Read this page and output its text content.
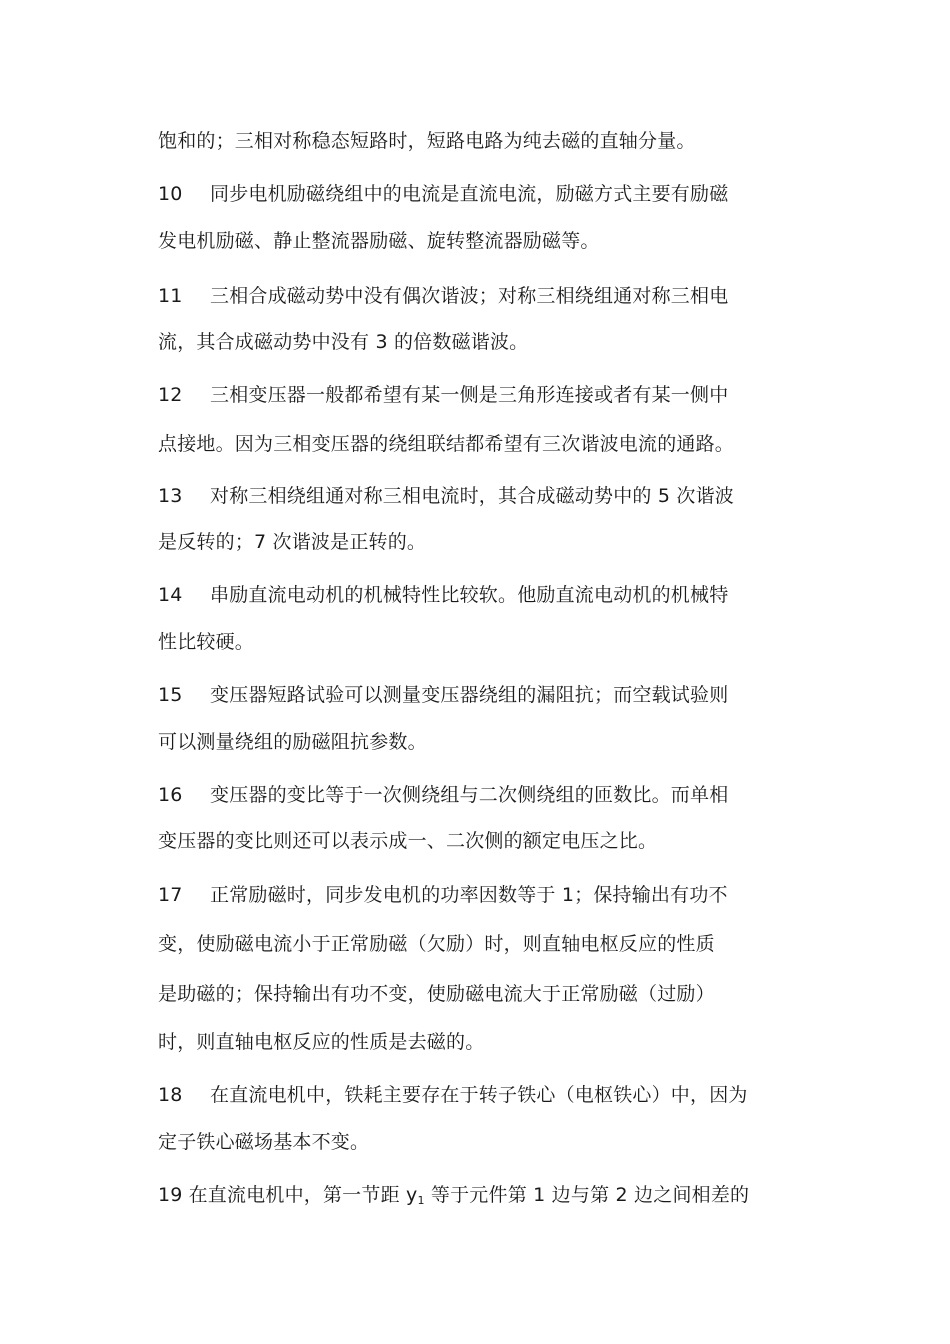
饱和的；三相对称稳态短路时，短路电路为纯去磁的直轴分量。
10 同步电机励磁绕组中的电流是直流电流，励磁方式主要有励磁
发电机励磁、静止整流器励磁、旋转整流器励磁等。
11 三相合成磁动势中没有偶次谐波；对称三相绕组通对称三相电
流，其合成磁动势中没有 3 的倍数磁谐波。
12 三相变压器一般都希望有某一侧是三角形连接或者有某一侧中
点接地。因为三相变压器的绕组联结都希望有三次谐波电流的通路。
13 对称三相绕组通对称三相电流时，其合成磁动势中的 5 次谐波
是反转的；7 次谐波是正转的。
14 串励直流电动机的机械特性比较软。他励直流电动机的机械特
性比较硬。
15 变压器短路试验可以测量变压器绕组的漏阻抗；而空载试验则
可以测量绕组的励磁阻抗参数。
16 变压器的变比等于一次侧绕组与二次侧绕组的匝数比。而单相
变压器的变比则还可以表示成一、二次侧的额定电压之比。
17 正常励磁时，同步发电机的功率因数等于 1；保持输出有功不
变，使励磁电流小于正常励磁（欠励）时，则直轴电枢反应的性质
是助磁的；保持输出有功不变，使励磁电流大于正常励磁（过励）
时，则直轴电枢反应的性质是去磁的。
18 在直流电机中，铁耗主要存在于转子铁心（电枢铁心）中，因为
定子铁心磁场基本不变。
19 在直流电机中，第一节距 $y_1$ 等于元件第 1 边与第 2 边之间相差的
